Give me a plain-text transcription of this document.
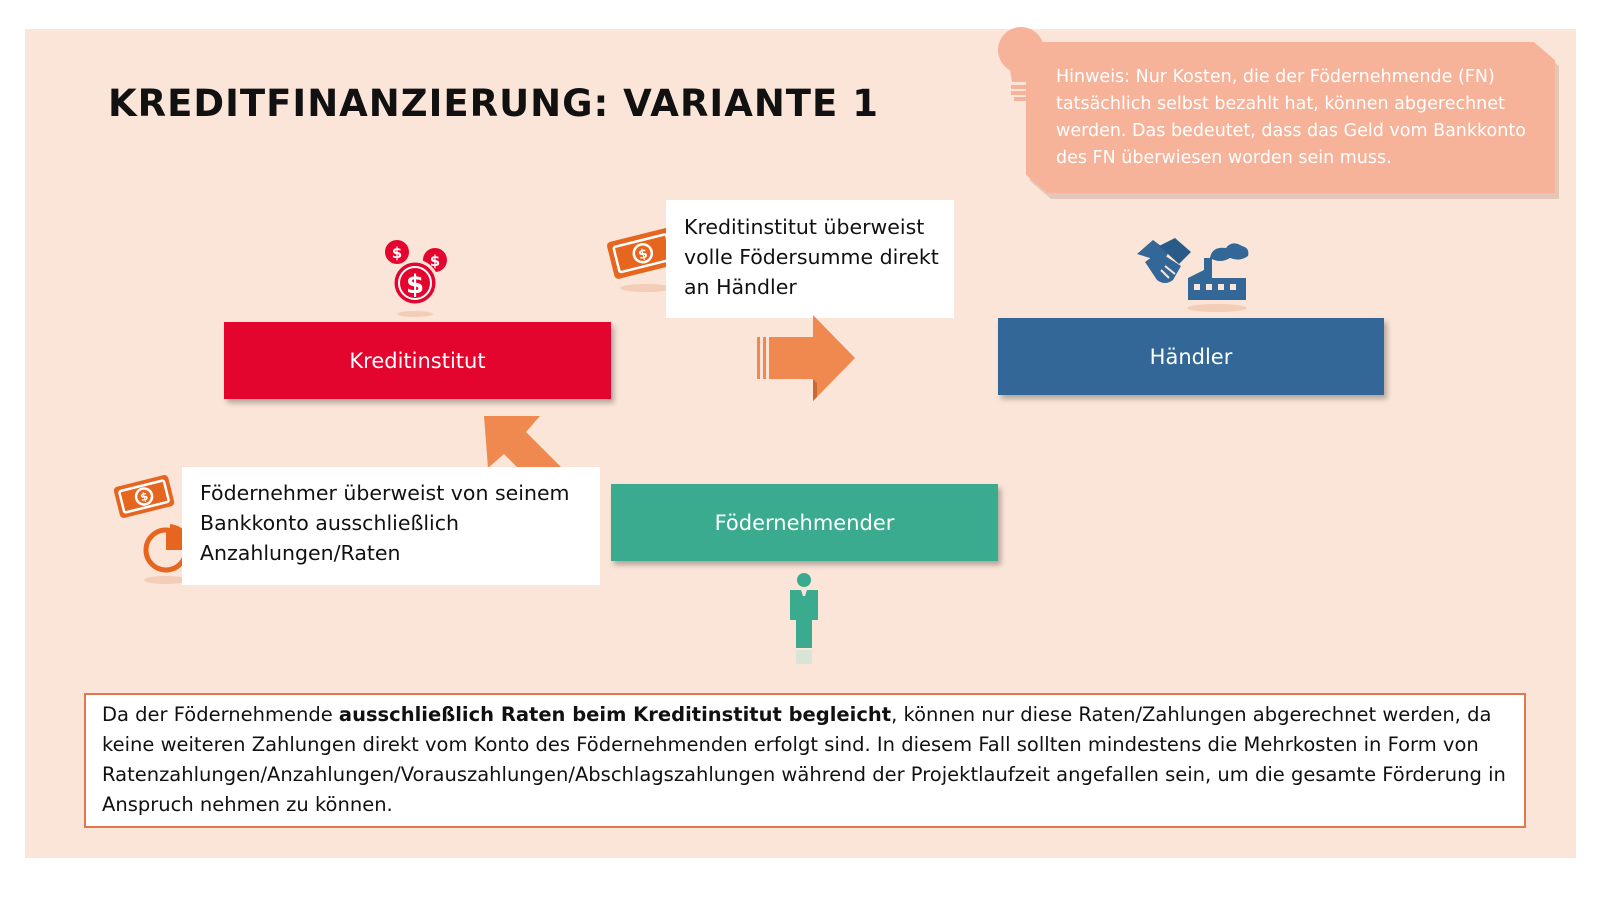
KREDITFINANZIERUNG: VARIANTE 1
Hinweis: Nur Kosten, die der Födernehmende (FN) tatsächlich selbst bezahlt hat, können abgerechnet werden. Das bedeutet, dass das Geld vom Bankkonto des FN überwiesen worden sein muss.
$ $
$
$
Kreditinstitut überweist volle Födersumme direkt an Händler
Kreditinstitut	Händler
Födernehmender
$ Födernehmer überweist von seinem Bankkonto ausschließlich Anzahlungen/Raten
Da der Födernehmende ausschließlich Raten beim Kreditinstitut begleicht, können nur diese Raten/Zahlungen abgerechnet werden, da keine weiteren Zahlungen direkt vom Konto des Födernehmenden erfolgt sind. In diesem Fall sollten mindestens die Mehrkosten in Form von Ratenzahlungen/Anzahlungen/Vorauszahlungen/Abschlagszahlungen während der Projektlaufzeit angefallen sein, um die gesamte Förderung in Anspruch nehmen zu können.
